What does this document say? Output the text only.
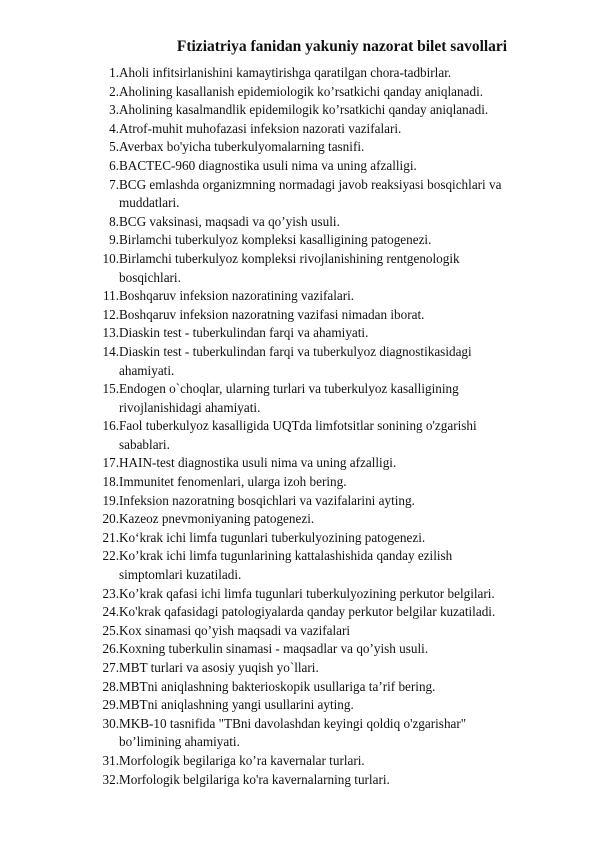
Ftiziatriya fanidan yakuniy nazorat bilet savollari
1. Aholi infitsirlanishini kamaytirishga qaratilgan chora-tadbirlar.
2. Aholining kasallanish epidemiologik ko’rsatkichi qanday aniqlanadi.
3. Aholining kasalmandlik epidemilogik ko’rsatkichi qanday aniqlanadi.
4. Atrof-muhit muhofazasi infeksion nazorati vazifalari.
5. Averbax bo'yicha tuberkulyomalarning tasnifi.
6. BACTEC-960 diagnostika usuli nima va uning afzalligi.
7. BCG emlashda organizmning normadagi javob reaksiyasi bosqichlari va
muddatlari.
8. BCG vaksinasi, maqsadi va qo’yish usuli.
9. Birlamchi tuberkulyoz kompleksi kasalligining patogenezi.
10. Birlamchi tuberkulyoz kompleksi rivojlanishining rentgenologik
bosqichlari.
11. Boshqaruv infeksion nazoratining vazifalari.
12. Boshqaruv infeksion nazoratning vazifasi nimadan iborat.
13. Diaskin test - tuberkulindan farqi va ahamiyati.
14. Diaskin test - tuberkulindan farqi va tuberkulyoz diagnostikasidagi
ahamiyati.
15. Endogen o`choqlar, ularning turlari va tuberkulyoz kasalligining
rivojlanishidagi ahamiyati.
16. Faol tuberkulyoz kasalligida UQTda limfotsitlar sonining o'zgarishi
sabablari.
17. HAIN-test diagnostika usuli nima va uning afzalligi.
18. Immunitet fenomenlari, ularga izoh bering.
19. Infeksion nazoratning bosqichlari va vazifalarini ayting.
20. Kazeoz pnevmoniyaning patogenezi.
21. Ko‘krak ichi limfa tugunlari tuberkulyozining patogenezi.
22. Ko’krak ichi limfa tugunlarining kattalashishida qanday ezilish
simptomlari kuzatiladi.
23. Ko’krak qafasi ichi limfa tugunlari tuberkulyozining perkutor belgilari.
24. Ko'krak qafasidagi patologiyalarda qanday perkutor belgilar kuzatiladi.
25. Kox sinamasi qo’yish maqsadi va vazifalari
26. Koxning tuberkulin sinamasi - maqsadlar va qo’yish usuli.
27. MBT turlari va asosiy yuqish yo`llari.
28. MBTni aniqlashning bakterioskopik usullariga ta’rif bering.
29. MBTni aniqlashning yangi usullarini ayting.
30. MKB-10 tasnifida "TBni davolashdan keyingi qoldiq o'zgarishar"
bo’limining ahamiyati.
31. Morfologik begilariga ko’ra kavernalar turlari.
32. Morfologik belgilariga ko'ra kavernalarning turlari.
